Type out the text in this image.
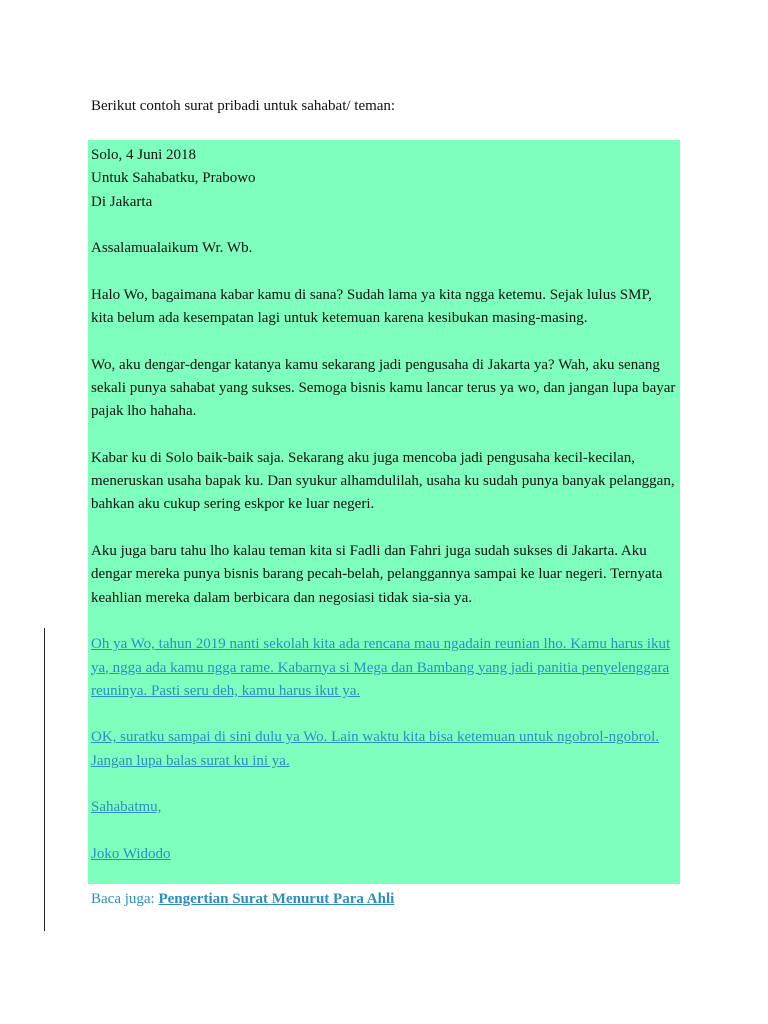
Berikut contoh surat pribadi untuk sahabat/ teman:

Solo, 4 Juni 2018

Untuk Sahabatku, Prabowo

Di Jakarta

Assalamualaikum Wr. Wb.

Halo Wo, bagaimana kabar kamu di sana? Sudah lama ya kita ngga ketemu. Sejak lulus SMP,

kita belum ada kesempatan lagi untuk ketemuan karena kesibukan masing-masing.

Wo, aku dengar-dengar katanya kamu sekarang jadi pengusaha di Jakarta ya? Wah, aku senang

sekali punya sahabat yang sukses. Semoga bisnis kamu lancar terus ya wo, dan jangan lupa bayar

pajak lho hahaha.

Kabar ku di Solo baik-baik saja. Sekarang aku juga mencoba jadi pengusaha kecil-kecilan,

meneruskan usaha bapak ku. Dan syukur alhamdulilah, usaha ku sudah punya banyak pelanggan,

bahkan aku cukup sering eskpor ke luar negeri.

Aku juga baru tahu lho kalau teman kita si Fadli dan Fahri juga sudah sukses di Jakarta. Aku

dengar mereka punya bisnis barang pecah-belah, pelanggannya sampai ke luar negeri. Ternyata

keahlian mereka dalam berbicara dan negosiasi tidak sia-sia ya.

Oh ya Wo, tahun 2019 nanti sekolah kita ada rencana mau ngadain reunian lho. Kamu harus ikut

ya, ngga ada kamu ngga rame. Kabarnya si Mega dan Bambang yang jadi panitia penyelenggara

reuninya. Pasti seru deh, kamu harus ikut ya.

OK, suratku sampai di sini dulu ya Wo. Lain waktu kita bisa ketemuan untuk ngobrol-ngobrol.

Jangan lupa balas surat ku ini ya.

Sahabatmu,

Joko Widodo

Baca juga: Pengertian Surat Menurut Para Ahli
